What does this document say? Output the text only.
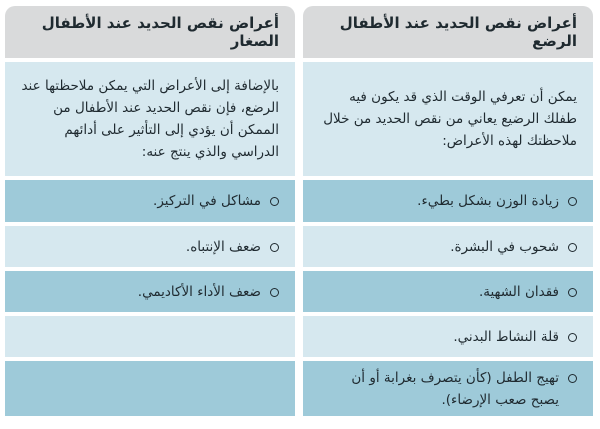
أعراض نقص الحديد عند الأطفال الرضع
يمكن أن تعرفي الوقت الذي قد يكون فيه طفلك الرضيع يعاني من نقص الحديد من خلال ملاحظتك لهذه الأعراض:
زيادة الوزن بشكل بطيء.
شحوب في البشرة.
فقدان الشهية.
قلة النشاط البدني.
تهيج الطفل (كأن يتصرف بغرابة أو أن يصبح صعب الإرضاء).
أعراض نقص الحديد عند الأطفال الصغار
بالإضافة إلى الأعراض التي يمكن ملاحظتها عند الرضع، فإن نقص الحديد عند الأطفال من الممكن أن يؤدي إلى التأثير على أدائهم الدراسي والذي ينتج عنه:
مشاكل في التركيز.
ضعف الإنتباه.
ضعف الأداء الأكاديمي.
